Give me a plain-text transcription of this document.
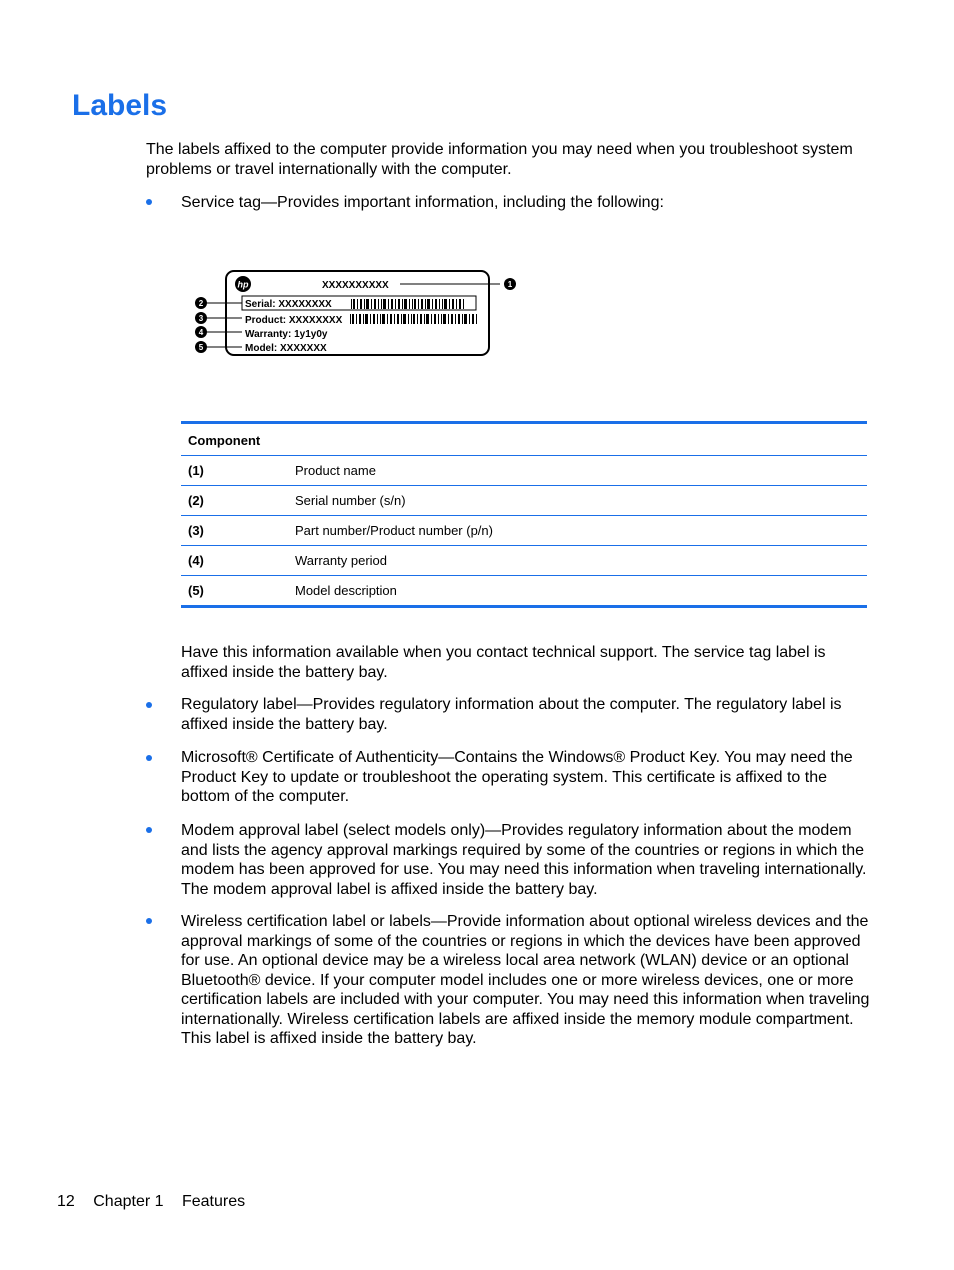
Labels

The labels affixed to the computer provide information you may need when you troubleshoot system problems or travel internationally with the computer.

Service tag—Provides important information, including the following:

hp	XXXXXXXXXX	1
Serial: XXXXXXXX
Product: XXXXXXXX
Warranty: 1y1y0y
Model: XXXXXXX
2
3
4
5
Component	
(1)	Product name
(2)	Serial number (s/n)
(3)	Part number/Product number (p/n)
(4)	Warranty period
(5)	Model description

Have this information available when you contact technical support. The service tag label is affixed inside the battery bay.

Regulatory label—Provides regulatory information about the computer. The regulatory label is affixed inside the battery bay.

Microsoft® Certificate of Authenticity—Contains the Windows® Product Key. You may need the Product Key to update or troubleshoot the operating system. This certificate is affixed to the bottom of the computer.

Modem approval label (select models only)—Provides regulatory information about the modem and lists the agency approval markings required by some of the countries or regions in which the modem has been approved for use. You may need this information when traveling internationally. The modem approval label is affixed inside the battery bay.

Wireless certification label or labels—Provide information about optional wireless devices and the approval markings of some of the countries or regions in which the devices have been approved for use. An optional device may be a wireless local area network (WLAN) device or an optional Bluetooth® device. If your computer model includes one or more wireless devices, one or more certification labels are included with your computer. You may need this information when traveling internationally. Wireless certification labels are affixed inside the memory module compartment. This label is affixed inside the battery bay.

12 Chapter 1 Features
